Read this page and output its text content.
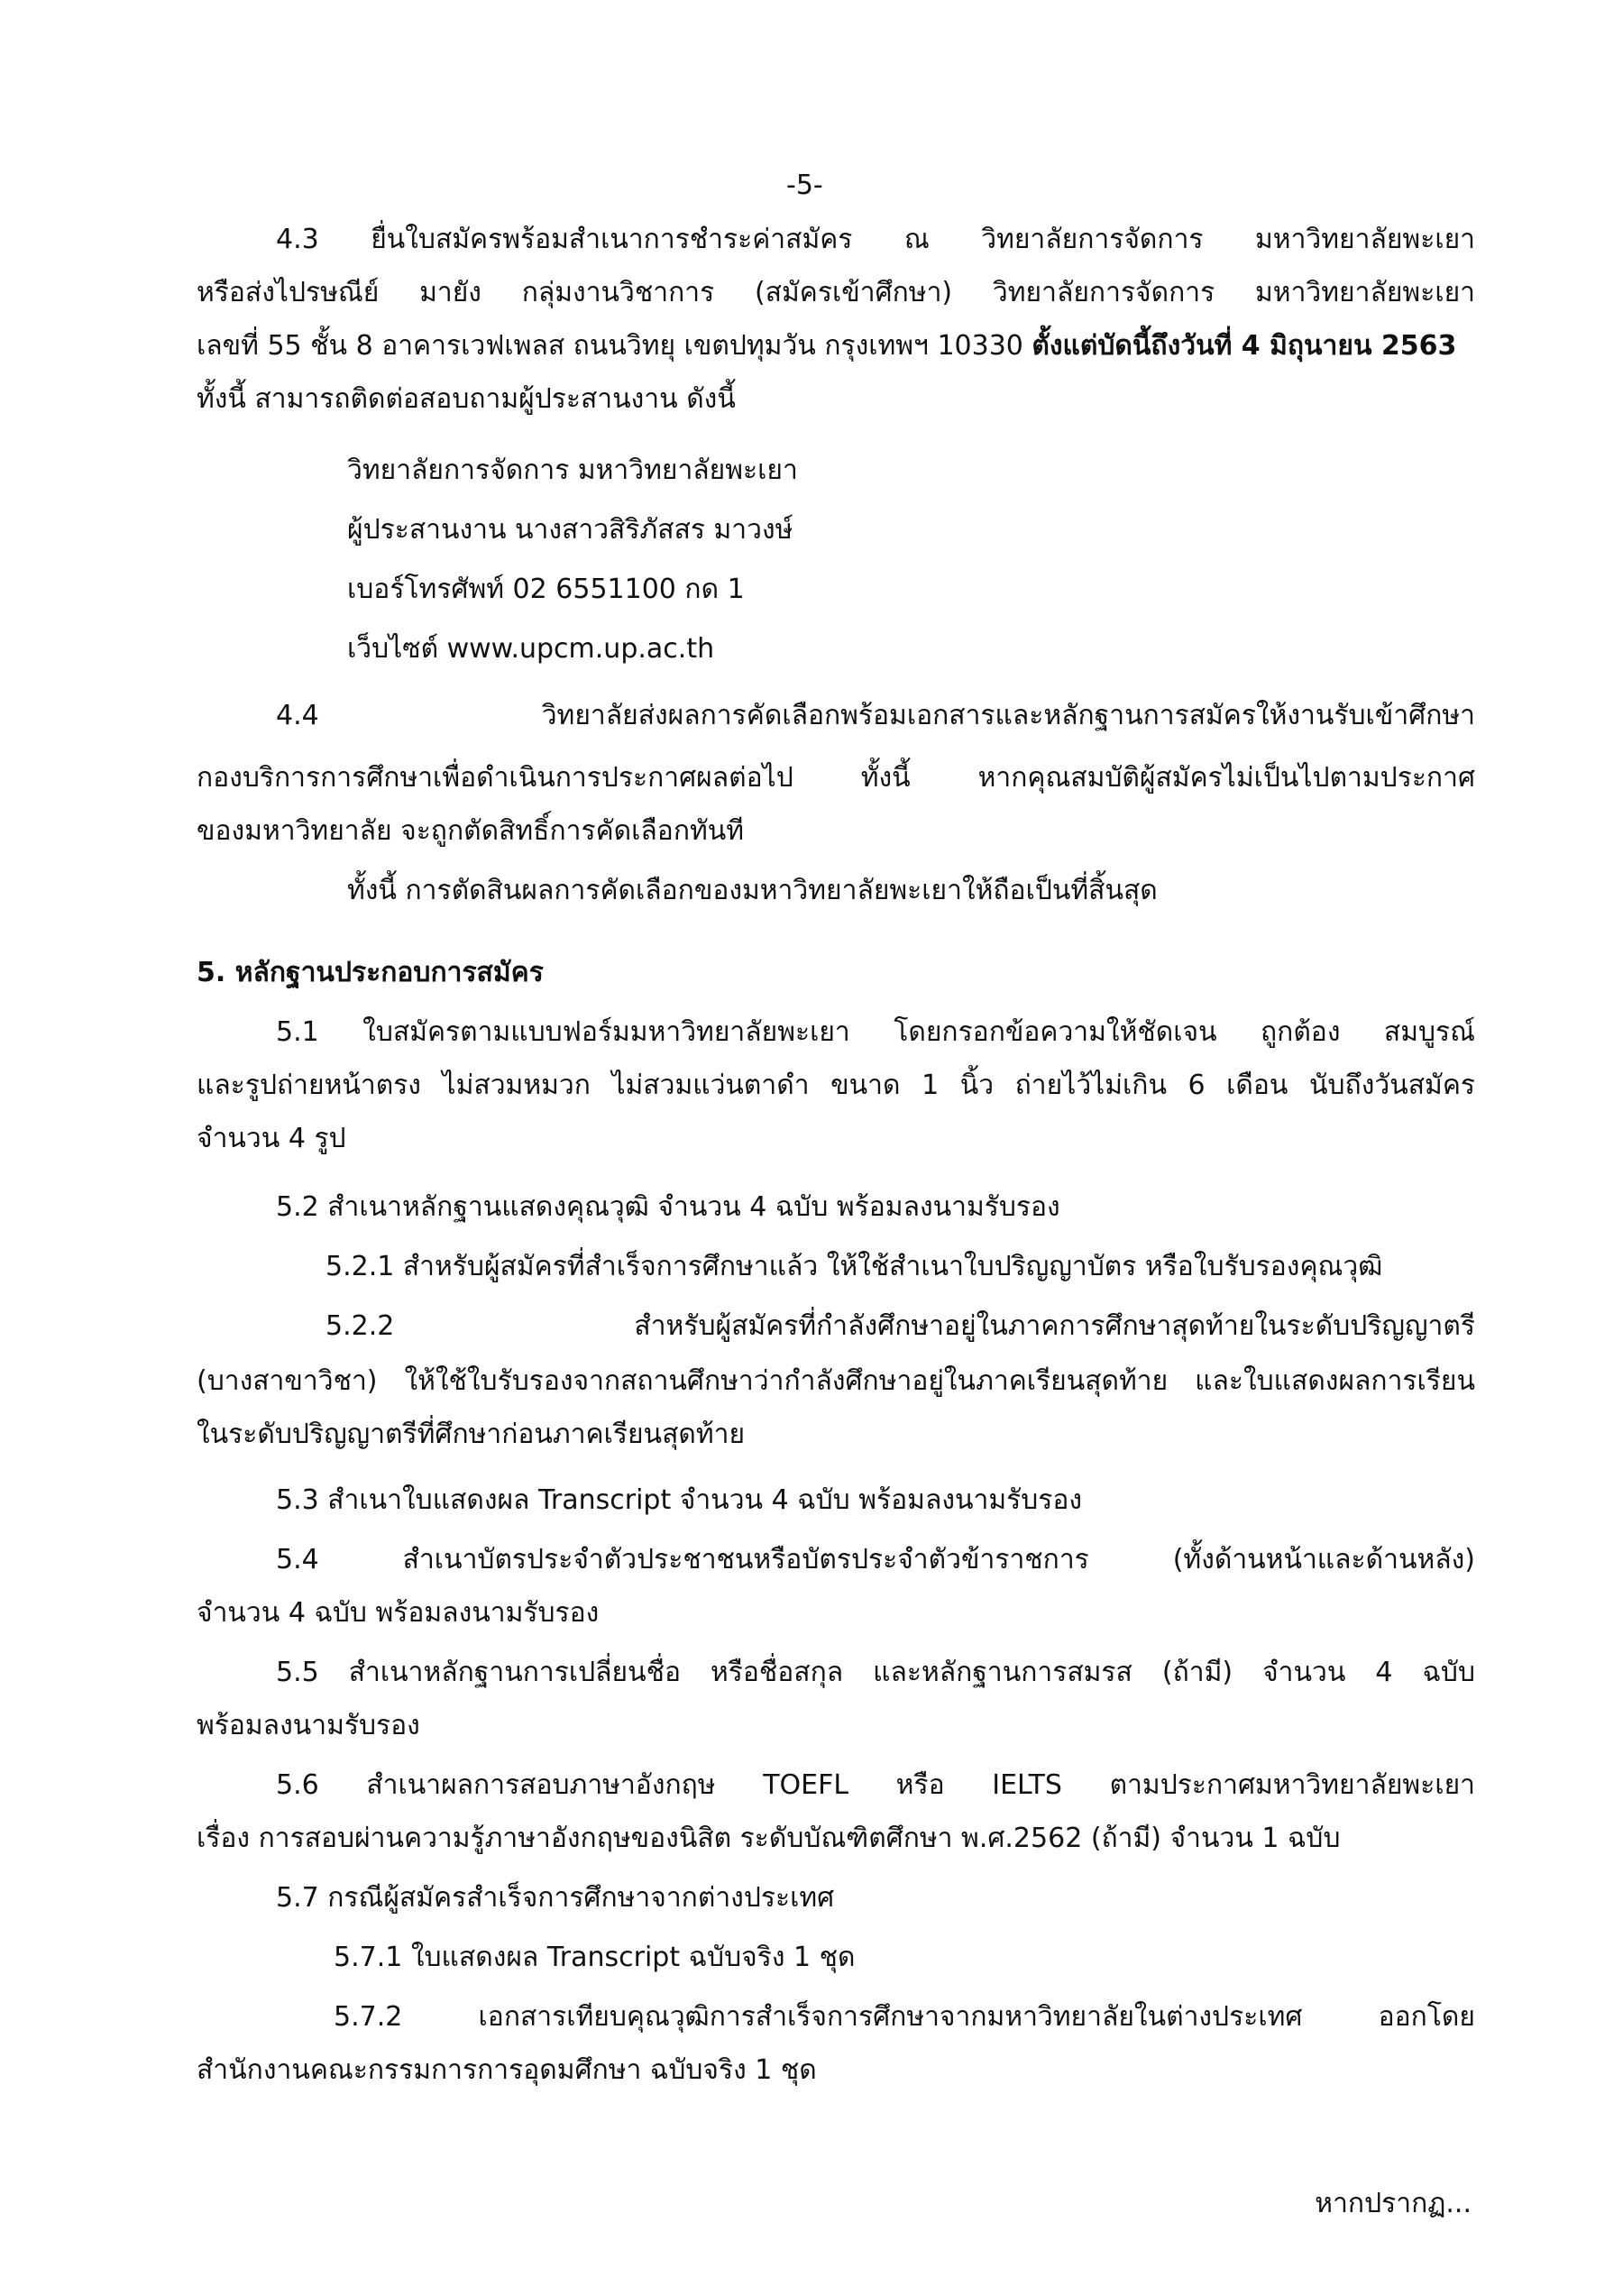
-5-
4.3 ยื่นใบสมัครพร้อมสำเนาการชำระค่าสมัคร ณ วิทยาลัยการจัดการ มหาวิทยาลัยพะเยา
หรือส่งไปรษณีย์ มายัง กลุ่มงานวิชาการ (สมัครเข้าศึกษา) วิทยาลัยการจัดการ มหาวิทยาลัยพะเยา
เลขที่ 55 ชั้น 8 อาคารเวฟเพลส ถนนวิทยุ เขตปทุมวัน กรุงเทพฯ 10330 ตั้งแต่บัดนี้ถึงวันที่ 4 มิถุนายน 2563
ทั้งนี้ สามารถติดต่อสอบถามผู้ประสานงาน ดังนี้
วิทยาลัยการจัดการ มหาวิทยาลัยพะเยา
ผู้ประสานงาน นางสาวสิริภัสสร มาวงษ์
เบอร์โทรศัพท์ 02 6551100 กด 1
เว็บไซต์ www.upcm.up.ac.th
4.4 วิทยาลัยส่งผลการคัดเลือกพร้อมเอกสารและหลักฐานการสมัครให้งานรับเข้าศึกษา
กองบริการการศึกษาเพื่อดำเนินการประกาศผลต่อไป ทั้งนี้ หากคุณสมบัติผู้สมัครไม่เป็นไปตามประกาศ
ของมหาวิทยาลัย จะถูกตัดสิทธิ์การคัดเลือกทันที
ทั้งนี้ การตัดสินผลการคัดเลือกของมหาวิทยาลัยพะเยาให้ถือเป็นที่สิ้นสุด
5. หลักฐานประกอบการสมัคร
5.1 ใบสมัครตามแบบฟอร์มมหาวิทยาลัยพะเยา โดยกรอกข้อความให้ชัดเจน ถูกต้อง สมบูรณ์
และรูปถ่ายหน้าตรง ไม่สวมหมวก ไม่สวมแว่นตาดำ ขนาด 1 นิ้ว ถ่ายไว้ไม่เกิน 6 เดือน นับถึงวันสมัคร
จำนวน 4 รูป
5.2 สำเนาหลักฐานแสดงคุณวุฒิ จำนวน 4 ฉบับ พร้อมลงนามรับรอง
5.2.1 สำหรับผู้สมัครที่สำเร็จการศึกษาแล้ว ให้ใช้สำเนาใบปริญญาบัตร หรือใบรับรองคุณวุฒิ
5.2.2 สำหรับผู้สมัครที่กำลังศึกษาอยู่ในภาคการศึกษาสุดท้ายในระดับปริญญาตรี
(บางสาขาวิชา) ให้ใช้ใบรับรองจากสถานศึกษาว่ากำลังศึกษาอยู่ในภาคเรียนสุดท้าย และใบแสดงผลการเรียน
ในระดับปริญญาตรีที่ศึกษาก่อนภาคเรียนสุดท้าย
5.3 สำเนาใบแสดงผล Transcript จำนวน 4 ฉบับ พร้อมลงนามรับรอง
5.4 สำเนาบัตรประจำตัวประชาชนหรือบัตรประจำตัวข้าราชการ (ทั้งด้านหน้าและด้านหลัง)
จำนวน 4 ฉบับ พร้อมลงนามรับรอง
5.5 สำเนาหลักฐานการเปลี่ยนชื่อ หรือชื่อสกุล และหลักฐานการสมรส (ถ้ามี) จำนวน 4 ฉบับ
พร้อมลงนามรับรอง
5.6 สำเนาผลการสอบภาษาอังกฤษ TOEFL หรือ IELTS ตามประกาศมหาวิทยาลัยพะเยา
เรื่อง การสอบผ่านความรู้ภาษาอังกฤษของนิสิต ระดับบัณฑิตศึกษา พ.ศ.2562 (ถ้ามี) จำนวน 1 ฉบับ
5.7 กรณีผู้สมัครสำเร็จการศึกษาจากต่างประเทศ
5.7.1 ใบแสดงผล Transcript ฉบับจริง 1 ชุด
5.7.2 เอกสารเทียบคุณวุฒิการสำเร็จการศึกษาจากมหาวิทยาลัยในต่างประเทศ ออกโดย
สำนักงานคณะกรรมการการอุดมศึกษา ฉบับจริง 1 ชุด
หากปรากฏ...
